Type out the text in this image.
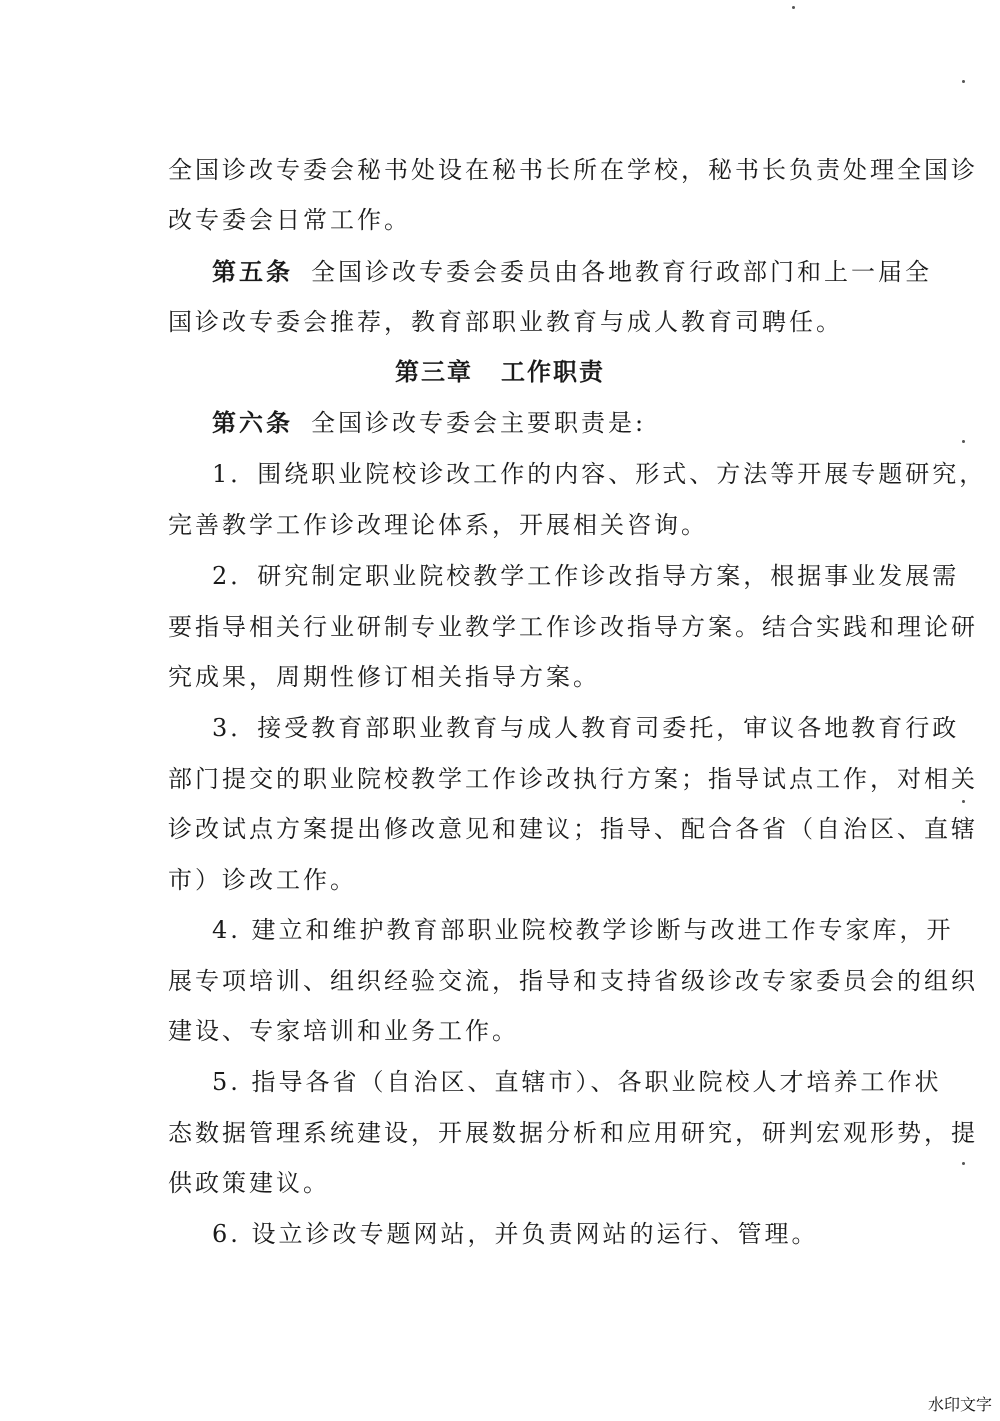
全国诊改专委会秘书处设在秘书长所在学校，秘书长负责处理全国诊
改专委会日常工作。
第五条 全国诊改专委会委员由各地教育行政部门和上一届全
国诊改专委会推荐，教育部职业教育与成人教育司聘任。
第三章 工作职责
第六条 全国诊改专委会主要职责是:
1．围绕职业院校诊改工作的内容、形式、方法等开展专题研究，
完善教学工作诊改理论体系，开展相关咨询。
2．研究制定职业院校教学工作诊改指导方案，根据事业发展需
要指导相关行业研制专业教学工作诊改指导方案。结合实践和理论研
究成果，周期性修订相关指导方案。
3．接受教育部职业教育与成人教育司委托，审议各地教育行政
部门提交的职业院校教学工作诊改执行方案；指导试点工作，对相关
诊改试点方案提出修改意见和建议；指导、配合各省（自治区、直辖
市）诊改工作。
4. 建立和维护教育部职业院校教学诊断与改进工作专家库，开
展专项培训、组织经验交流，指导和支持省级诊改专家委员会的组织
建设、专家培训和业务工作。
5. 指导各省（自治区、直辖市）、各职业院校人才培养工作状
态数据管理系统建设，开展数据分析和应用研究，研判宏观形势，提
供政策建议。
6. 设立诊改专题网站，并负责网站的运行、管理。
水印文字
